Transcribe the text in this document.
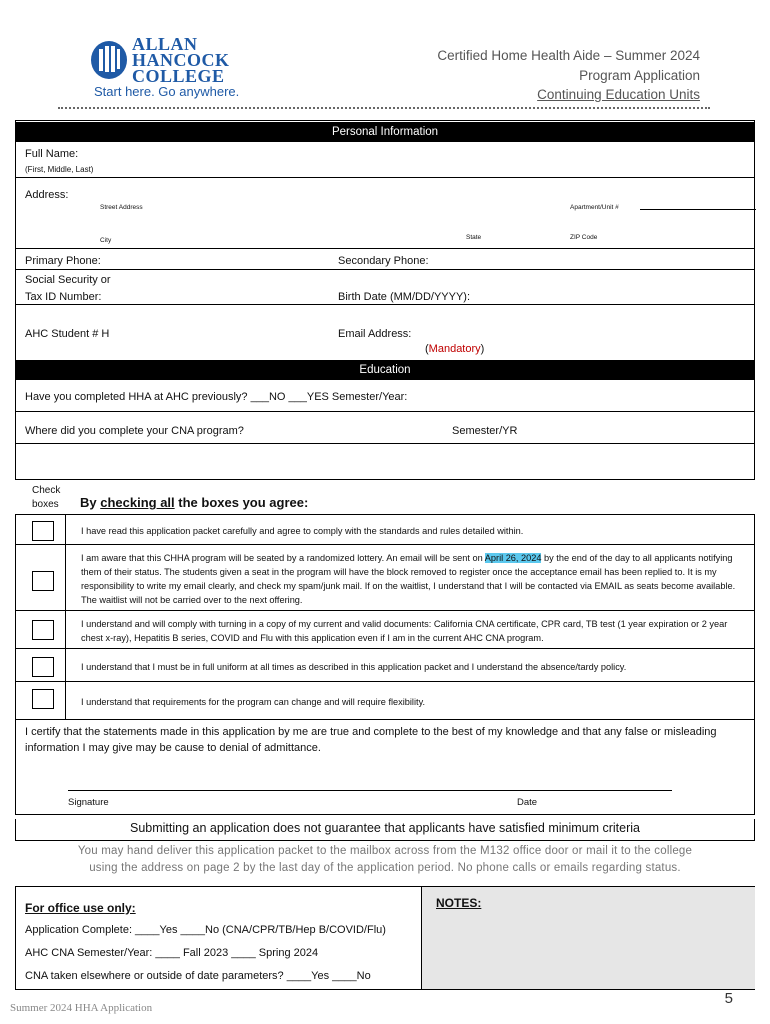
ALLAN
HANCOCK
COLLEGE
Start here. Go anywhere.
Certified Home Health Aide – Summer 2024
Program Application
Continuing Education Units
Personal Information
Full Name:
(First, Middle, Last)
Address:
Street Address	Apartment/Unit #
City	State	ZIP Code
Primary Phone:	Secondary Phone:
Social Security or
Tax ID Number:	Birth Date (MM/DD/YYYY):
AHC Student # H	Email Address:
(Mandatory)
Education
Have you completed HHA at AHC previously? ___NO ___YES Semester/Year:
Where did you complete your CNA program?	Semester/YR
Check
boxes By checking all the boxes you agree:
I have read this application packet carefully and agree to comply with the standards and rules detailed within.
I am aware that this CHHA program will be seated by a randomized lottery. An email will be sent on April 26, 2024 by the end of the day to all applicants notifying them of their status. The students given a seat in the program will have the block removed to register once the acceptance email has been replied to. It is my responsibility to write my email clearly, and check my spam/junk mail. If on the waitlist, I understand that I will be contacted via EMAIL as seats become available. The waitlist will not be carried over to the next offering.
I understand and will comply with turning in a copy of my current and valid documents: California CNA certificate, CPR card, TB test (1 year expiration or 2 year chest x-ray), Hepatitis B series, COVID and Flu with this application even if I am in the current AHC CNA program.
I understand that I must be in full uniform at all times as described in this application packet and I understand the absence/tardy policy.
I understand that requirements for the program can change and will require flexibility.
I certify that the statements made in this application by me are true and complete to the best of my knowledge and that any false or misleading information I may give may be cause to denial of admittance.
Signature	Date
Submitting an application does not guarantee that applicants have satisfied minimum criteria
You may hand deliver this application packet to the mailbox across from the M132 office door or mail it to the college
using the address on page 2 by the last day of the application period. No phone calls or emails regarding status.
For office use only:
Application Complete: ____Yes ____No (CNA/CPR/TB/Hep B/COVID/Flu)
AHC CNA Semester/Year: ____ Fall 2023 ____ Spring 2024
CNA taken elsewhere or outside of date parameters? ____Yes ____No
NOTES:
Summer 2024 HHA Application
5
